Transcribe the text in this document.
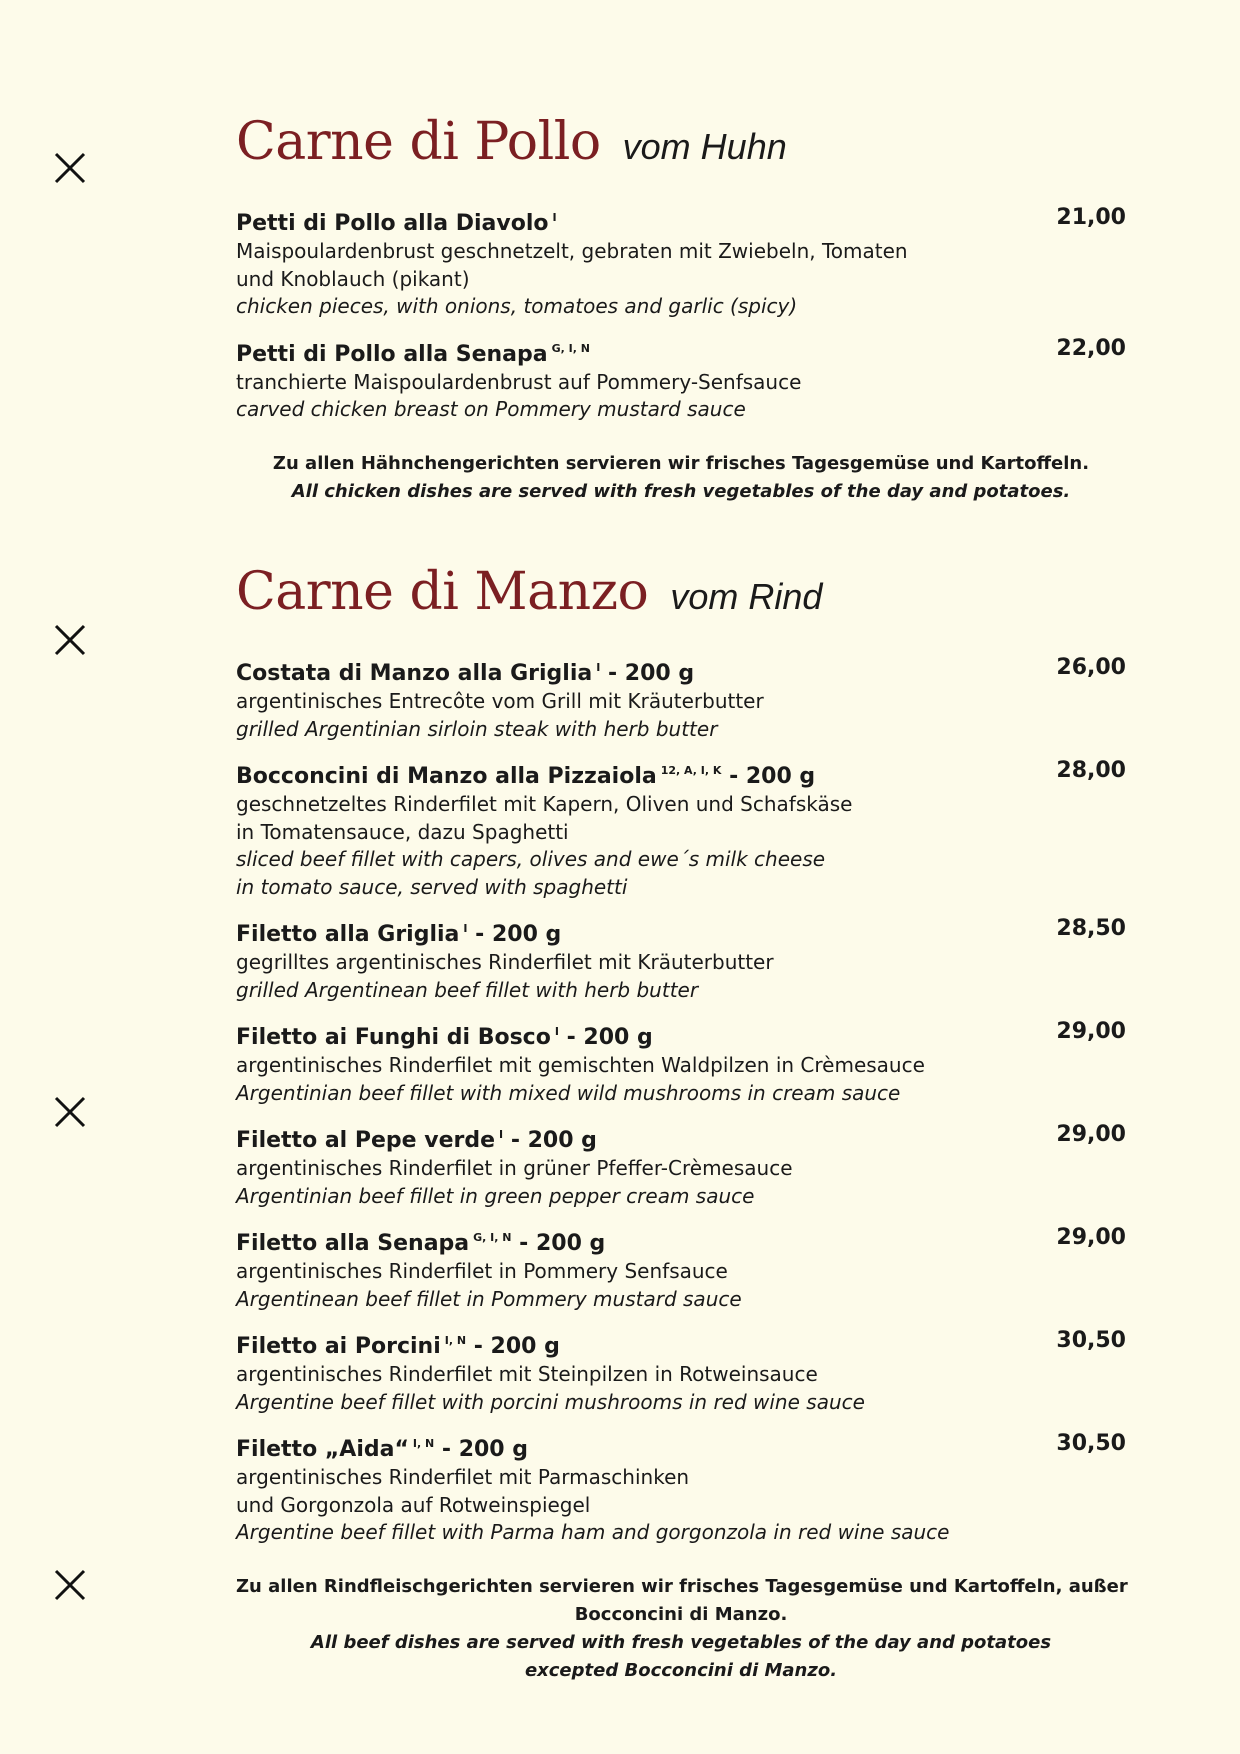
Carne di Pollo vom Huhn
Petti di Pollo alla Diavolo $^I$	21,00
Maispoulardenbrust geschnetzelt, gebraten mit Zwiebeln, Tomaten
und Knoblauch (pikant)
chicken pieces, with onions, tomatoes and garlic (spicy)
Petti di Pollo alla Senapa $^{G, I, N}$	22,00
tranchierte Maispoulardenbrust auf Pommery-Senfsauce
carved chicken breast on Pommery mustard sauce
Zu allen Hähnchengerichten servieren wir frisches Tagesgemüse und Kartoffeln.
All chicken dishes are served with fresh vegetables of the day and potatoes.
Carne di Manzo vom Rind
Costata di Manzo alla Griglia $^I$ - 200 g	26,00
argentinisches Entrecôte vom Grill mit Kräuterbutter
grilled Argentinian sirloin steak with herb butter
Bocconcini di Manzo alla Pizzaiola $^{12, A, I, K}$ - 200 g	28,00
geschnetzeltes Rinderfilet mit Kapern, Oliven und Schafskäse
in Tomatensauce, dazu Spaghetti
sliced beef fillet with capers, olives and ewe´s milk cheese
in tomato sauce, served with spaghetti
Filetto alla Griglia $^I$ - 200 g	28,50
gegrilltes argentinisches Rinderfilet mit Kräuterbutter
grilled Argentinean beef fillet with herb butter
Filetto ai Funghi di Bosco $^I$ - 200 g	29,00
argentinisches Rinderfilet mit gemischten Waldpilzen in Crèmesauce
Argentinian beef fillet with mixed wild mushrooms in cream sauce
Filetto al Pepe verde $^I$ - 200 g	29,00
argentinisches Rinderfilet in grüner Pfeffer-Crèmesauce
Argentinian beef fillet in green pepper cream sauce
Filetto alla Senapa $^{G, I, N}$ - 200 g	29,00
argentinisches Rinderfilet in Pommery Senfsauce
Argentinean beef fillet in Pommery mustard sauce
Filetto ai Porcini $^{I, N}$ - 200 g	30,50
argentinisches Rinderfilet mit Steinpilzen in Rotweinsauce
Argentine beef fillet with porcini mushrooms in red wine sauce
Filetto „Aida“ $^{I, N}$ - 200 g	30,50
argentinisches Rinderfilet mit Parmaschinken
und Gorgonzola auf Rotweinspiegel
Argentine beef fillet with Parma ham and gorgonzola in red wine sauce
Zu allen Rindfleischgerichten servieren wir frisches Tagesgemüse und Kartoffeln, außer
Bocconcini di Manzo.
All beef dishes are served with fresh vegetables of the day and potatoes
excepted Bocconcini di Manzo.
